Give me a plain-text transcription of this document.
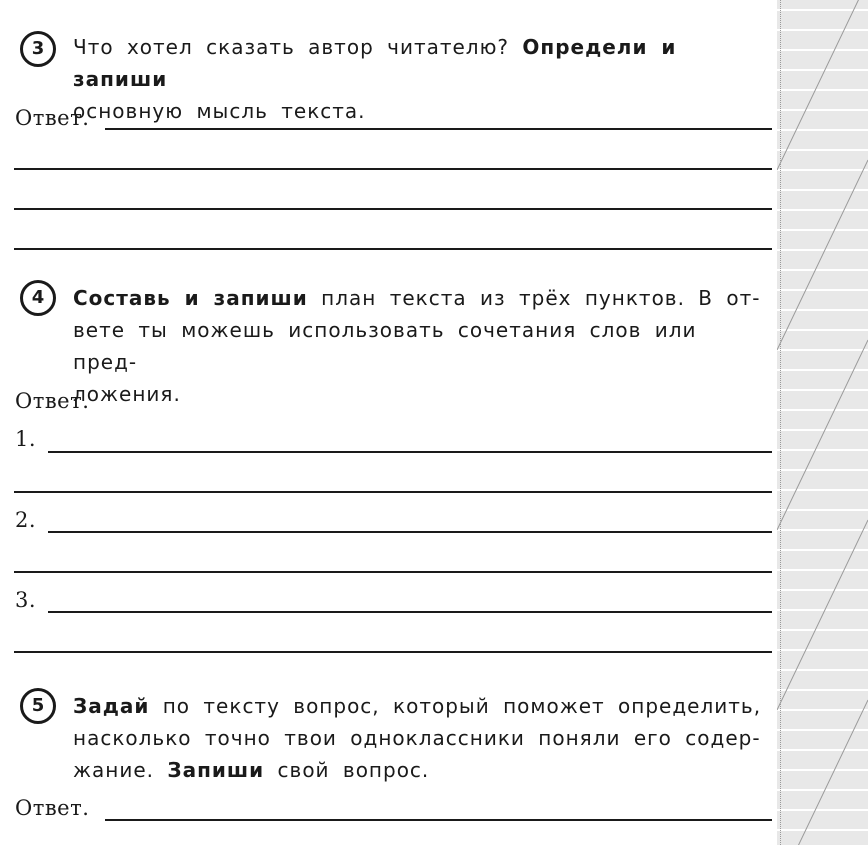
3	Что хотел сказать автор читателю? Определи и запиши
основную мысль текста.
Ответ.
4	Составь и запиши план текста из трёх пунктов. В от-
вете ты можешь использовать сочетания слов или пред-
ложения.
Ответ.
1.
2.
3.
5	Задай по тексту вопрос, который поможет определить,
насколько точно твои одноклассники поняли его содер-
жание. Запиши свой вопрос.
Ответ.
